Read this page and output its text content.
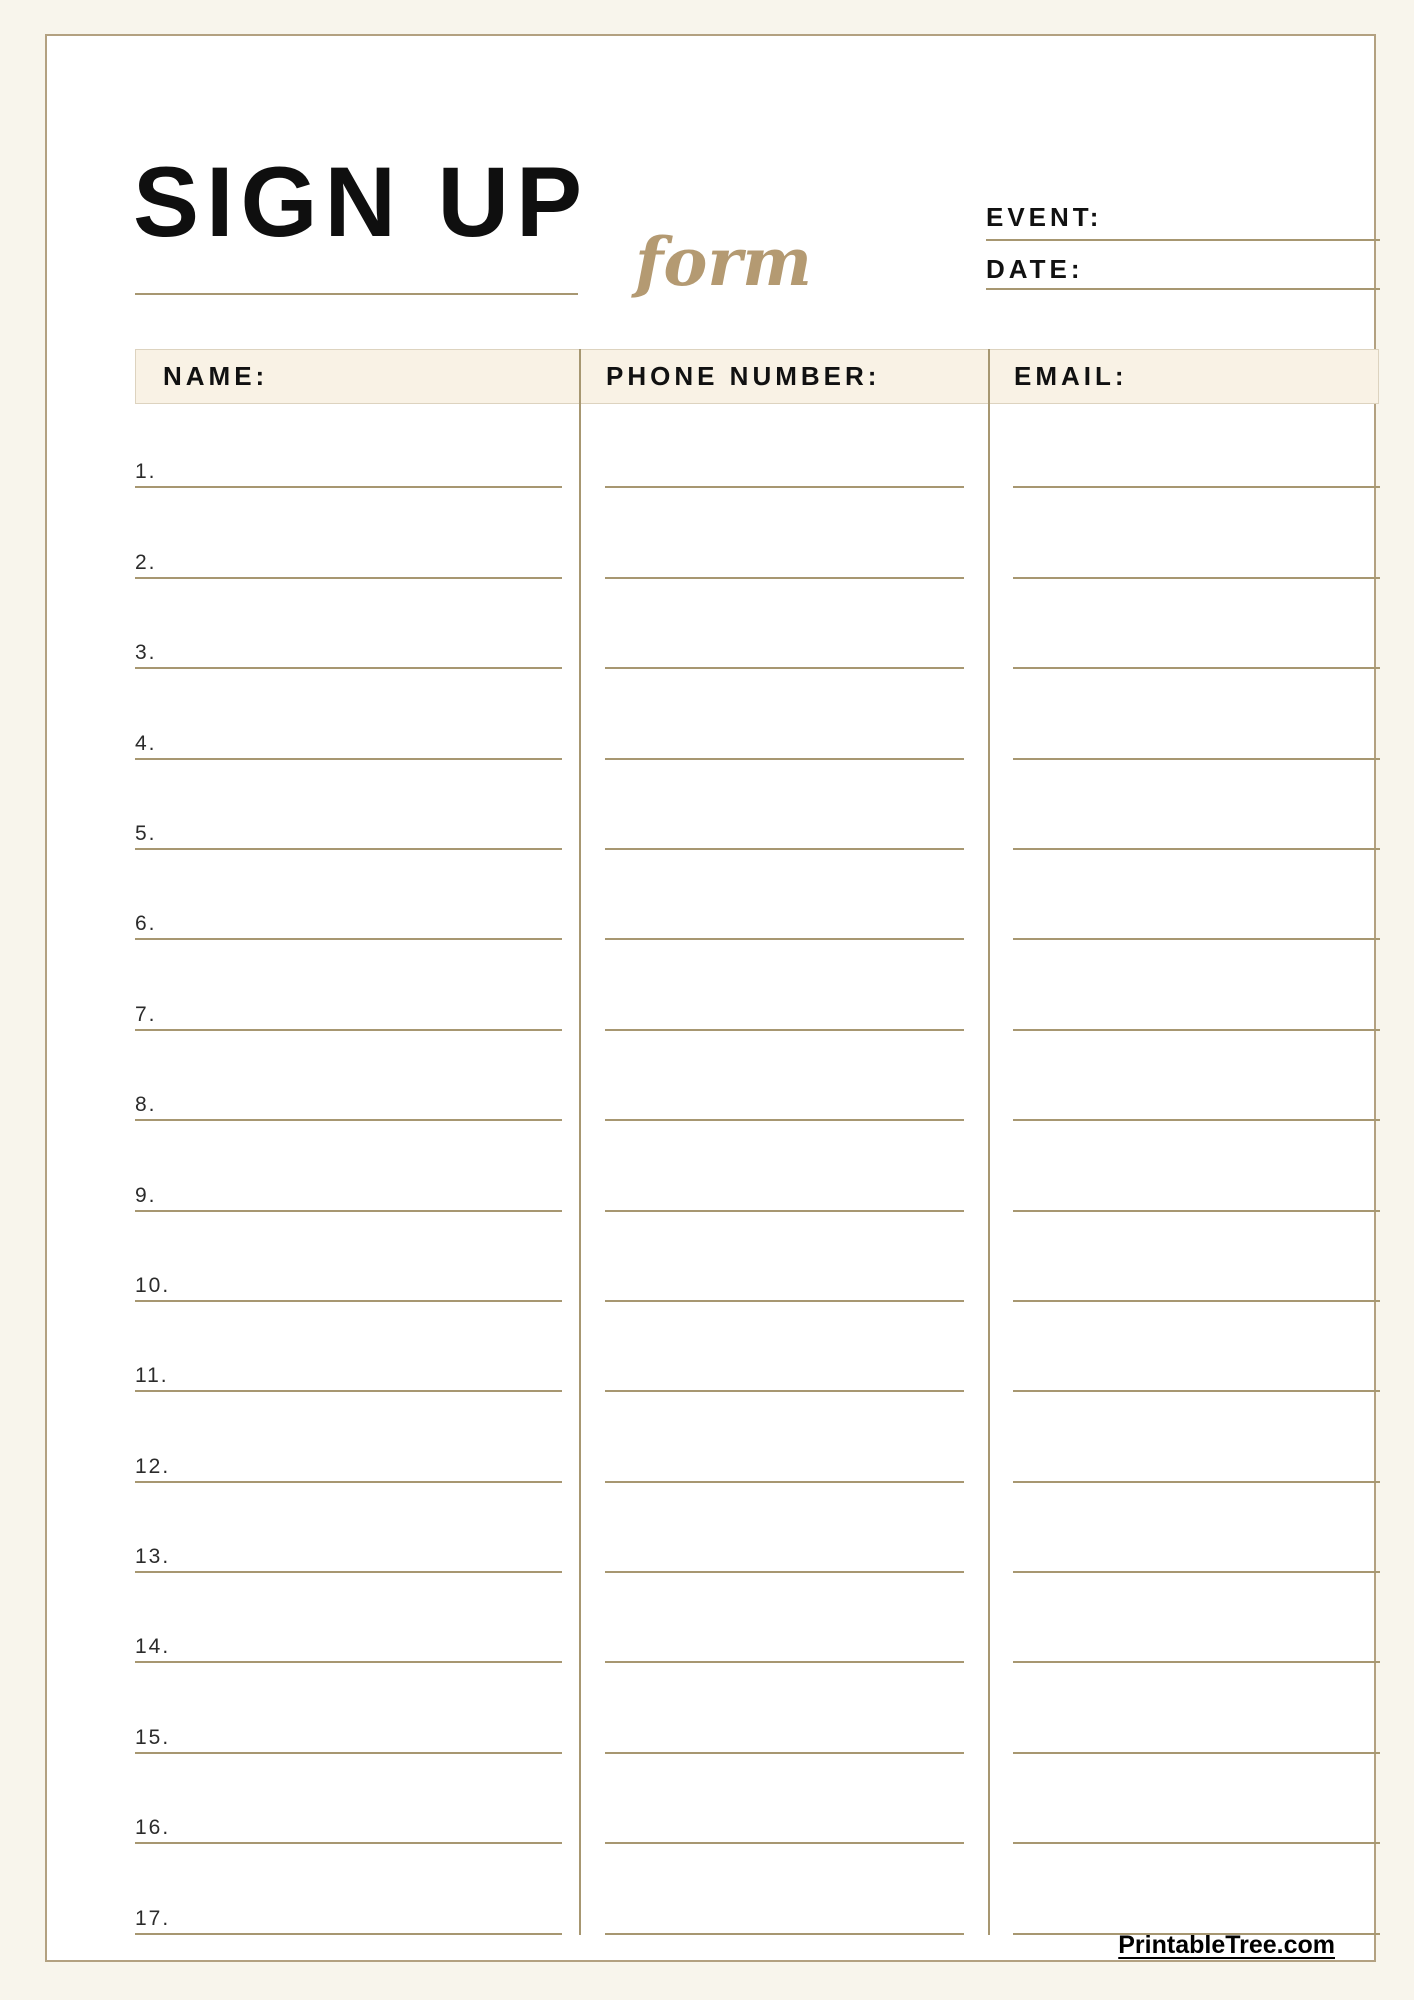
SIGN UP
form
EVENT:
DATE:
NAME:	PHONE NUMBER:	EMAIL:
1.
2.
3.
4.
5.
6.
7.
8.
9.
10.
11.
12.
13.
14.
15.
16.
17.
PrintableTree.com
